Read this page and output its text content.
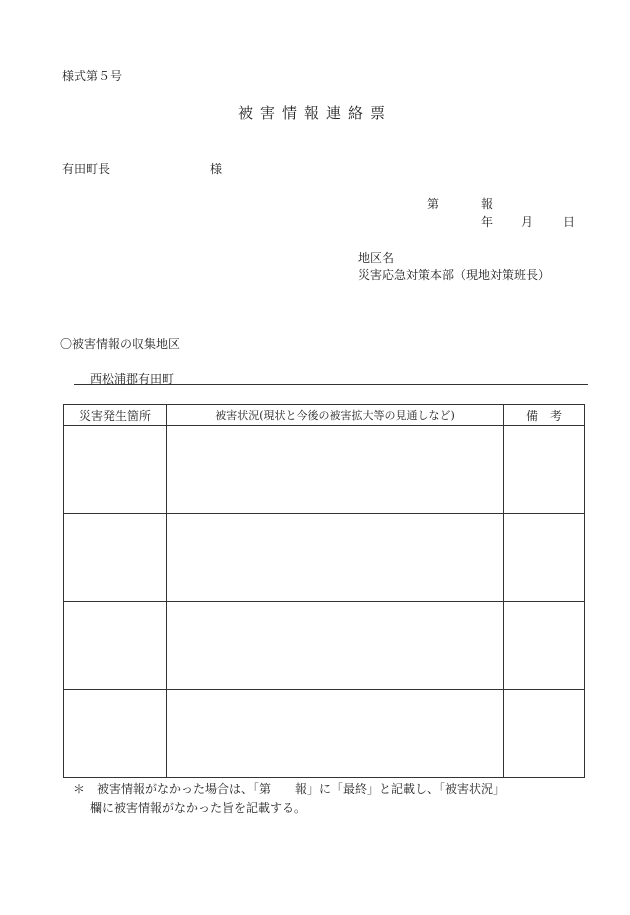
様式第５号
被害情報連絡票
有田町長	様
第	報
年 月 日
地区名
災害応急対策本部（現地対策班長）
〇被害情報の収集地区
西松浦郡有田町
災害発生箇所	被害状況(現状と今後の被害拡大等の見通しなど)	備　考

＊　被害情報がなかった場合は、「第　　報」に「最終」と記載し、「被害状況」
欄に被害情報がなかった旨を記載する。
